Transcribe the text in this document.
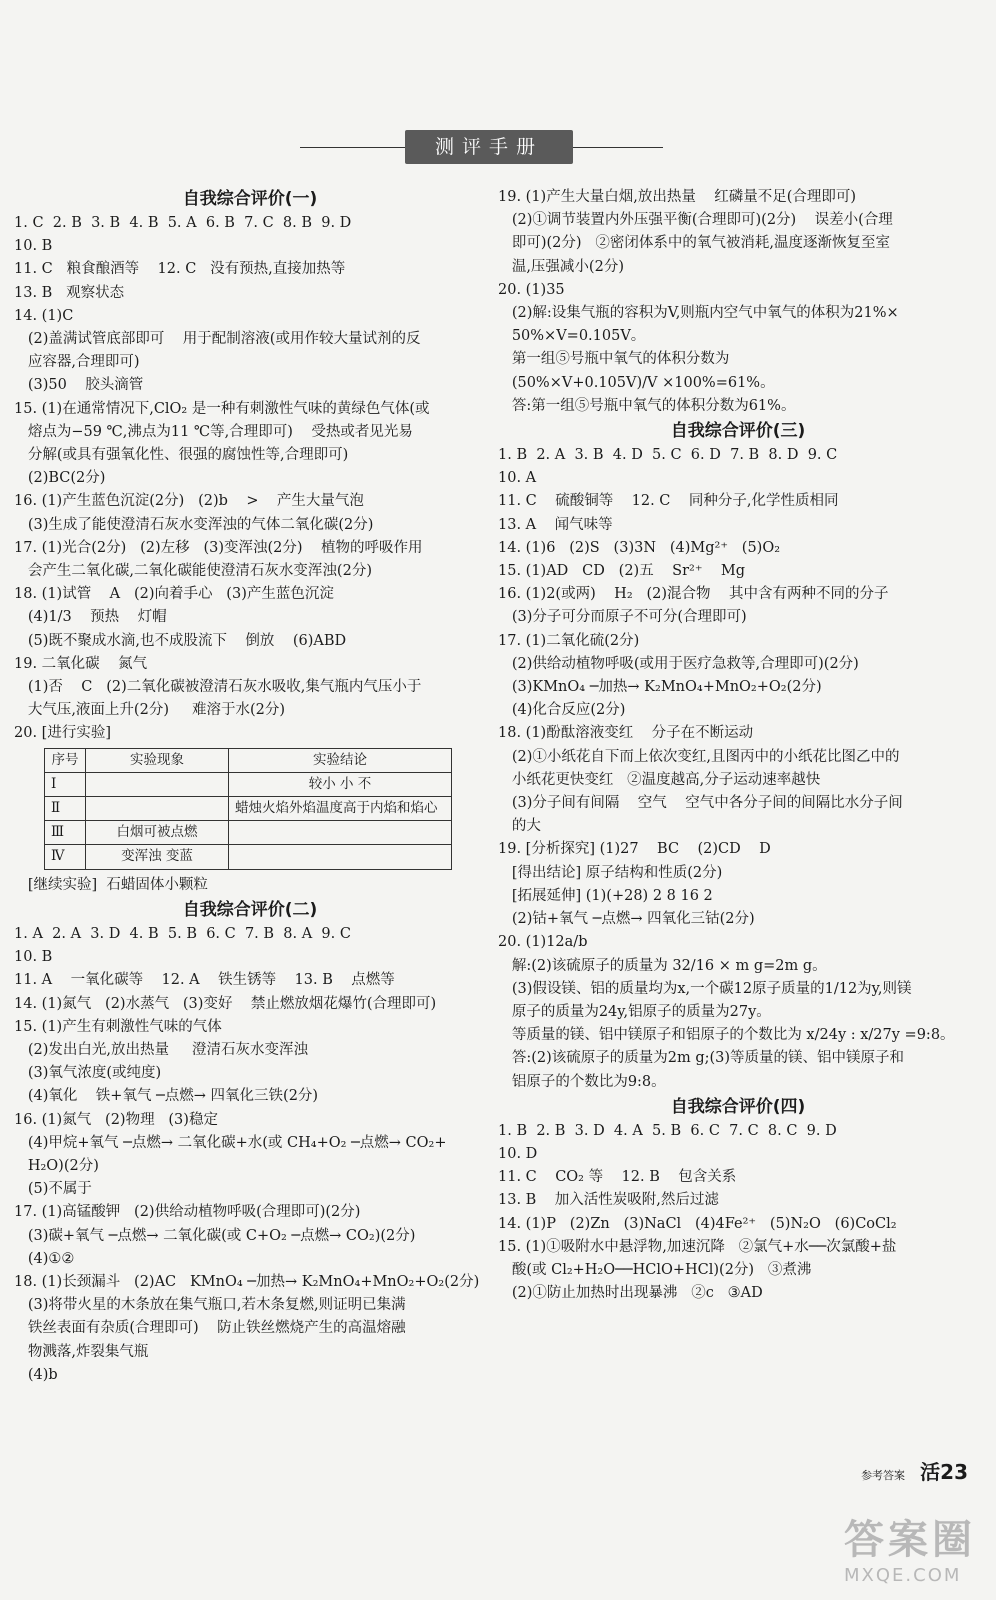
测评手册
自我综合评价(一)
1. C  2. B  3. B  4. B  5. A  6. B  7. C  8. B  9. D
10. B
11. C   粮食酿酒等    12. C   没有预热,直接加热等
13. B   观察状态
14. (1)C
(2)盖满试管底部即可    用于配制溶液(或用作较大量试剂的反
应容器,合理即可)
(3)50    胶头滴管
15. (1)在通常情况下,ClO₂ 是一种有刺激性气味的黄绿色气体(或
熔点为−59 ℃,沸点为11 ℃等,合理即可)    受热或者见光易
分解(或具有强氧化性、很强的腐蚀性等,合理即可)
(2)BC(2分)
16. (1)产生蓝色沉淀(2分)   (2)b    >    产生大量气泡
(3)生成了能使澄清石灰水变浑浊的气体二氧化碳(2分)
17. (1)光合(2分)   (2)左移   (3)变浑浊(2分)    植物的呼吸作用
会产生二氧化碳,二氧化碳能使澄清石灰水变浑浊(2分)
18. (1)试管    A   (2)向着手心   (3)产生蓝色沉淀
(4)1/3    预热    灯帽
(5)既不聚成水滴,也不成股流下    倒放    (6)ABD
19. 二氧化碳    氮气
(1)否    C   (2)二氧化碳被澄清石灰水吸收,集气瓶内气压小于
大气压,液面上升(2分)     难溶于水(2分)
20. [进行实验]
序号	实验现象	实验结论
Ⅰ		较小 小 不
Ⅱ		蜡烛火焰外焰温度高于内焰和焰心
Ⅲ	白烟可被点燃	
Ⅳ	变浑浊 变蓝	
[继续实验]  石蜡固体小颗粒
自我综合评价(二)
1. A  2. A  3. D  4. B  5. B  6. C  7. B  8. A  9. C
10. B
11. A    一氧化碳等    12. A    铁生锈等    13. B    点燃等
14. (1)氮气   (2)水蒸气   (3)变好    禁止燃放烟花爆竹(合理即可)
15. (1)产生有刺激性气味的气体
(2)发出白光,放出热量     澄清石灰水变浑浊
(3)氧气浓度(或纯度)
(4)氧化    铁+氧气 ─点燃→ 四氧化三铁(2分)
16. (1)氮气   (2)物理   (3)稳定
(4)甲烷+氧气 ─点燃→ 二氧化碳+水(或 CH₄+O₂ ─点燃→ CO₂+
H₂O)(2分)
(5)不属于
17. (1)高锰酸钾   (2)供给动植物呼吸(合理即可)(2分)
(3)碳+氧气 ─点燃→ 二氧化碳(或 C+O₂ ─点燃→ CO₂)(2分)
(4)①②
18. (1)长颈漏斗   (2)AC   KMnO₄ ─加热→ K₂MnO₄+MnO₂+O₂(2分)
(3)将带火星的木条放在集气瓶口,若木条复燃,则证明已集满
铁丝表面有杂质(合理即可)    防止铁丝燃烧产生的高温熔融
物溅落,炸裂集气瓶
(4)b
19. (1)产生大量白烟,放出热量    红磷量不足(合理即可)
(2)①调节装置内外压强平衡(合理即可)(2分)    误差小(合理
即可)(2分)   ②密闭体系中的氧气被消耗,温度逐渐恢复至室
温,压强减小(2分)
20. (1)35
(2)解:设集气瓶的容积为V,则瓶内空气中氧气的体积为21%×
50%×V=0.105V。
第一组⑤号瓶中氧气的体积分数为
(50%×V+0.105V)/V ×100%=61%。
答:第一组⑤号瓶中氧气的体积分数为61%。
自我综合评价(三)
1. B  2. A  3. B  4. D  5. C  6. D  7. B  8. D  9. C
10. A
11. C    硫酸铜等    12. C    同种分子,化学性质相同
13. A    闻气味等
14. (1)6   (2)S   (3)3N   (4)Mg²⁺   (5)O₂
15. (1)AD   CD   (2)五    Sr²⁺    Mg
16. (1)2(或两)    H₂   (2)混合物    其中含有两种不同的分子
(3)分子可分而原子不可分(合理即可)
17. (1)二氧化硫(2分)
(2)供给动植物呼吸(或用于医疗急救等,合理即可)(2分)
(3)KMnO₄ ─加热→ K₂MnO₄+MnO₂+O₂(2分)
(4)化合反应(2分)
18. (1)酚酞溶液变红    分子在不断运动
(2)①小纸花自下而上依次变红,且图丙中的小纸花比图乙中的
小纸花更快变红   ②温度越高,分子运动速率越快
(3)分子间有间隔    空气    空气中各分子间的间隔比水分子间
的大
19. [分析探究] (1)27    BC    (2)CD    D
[得出结论] 原子结构和性质(2分)
[拓展延伸] (1)(+28) 2 8 16 2
(2)钴+氧气 ─点燃→ 四氧化三钴(2分)
20. (1)12a/b
解:(2)该硫原子的质量为 32/16 × m g=2m g。
(3)假设镁、铝的质量均为x,一个碳12原子质量的1/12为y,则镁
原子的质量为24y,铝原子的质量为27y。
等质量的镁、铝中镁原子和铝原子的个数比为 x/24y : x/27y =9:8。
答:(2)该硫原子的质量为2m g;(3)等质量的镁、铝中镁原子和
铝原子的个数比为9:8。
自我综合评价(四)
1. B  2. B  3. D  4. A  5. B  6. C  7. C  8. C  9. D
10. D
11. C    CO₂ 等    12. B    包含关系
13. B    加入活性炭吸附,然后过滤
14. (1)P   (2)Zn   (3)NaCl   (4)4Fe²⁺   (5)N₂O   (6)CoCl₂
15. (1)①吸附水中悬浮物,加速沉降   ②氯气+水──次氯酸+盐
酸(或 Cl₂+H₂O──HClO+HCl)(2分)   ③煮沸
(2)①防止加热时出现暴沸   ②c   ③AD
参考答案 活23
答案圈
MXQE.COM
